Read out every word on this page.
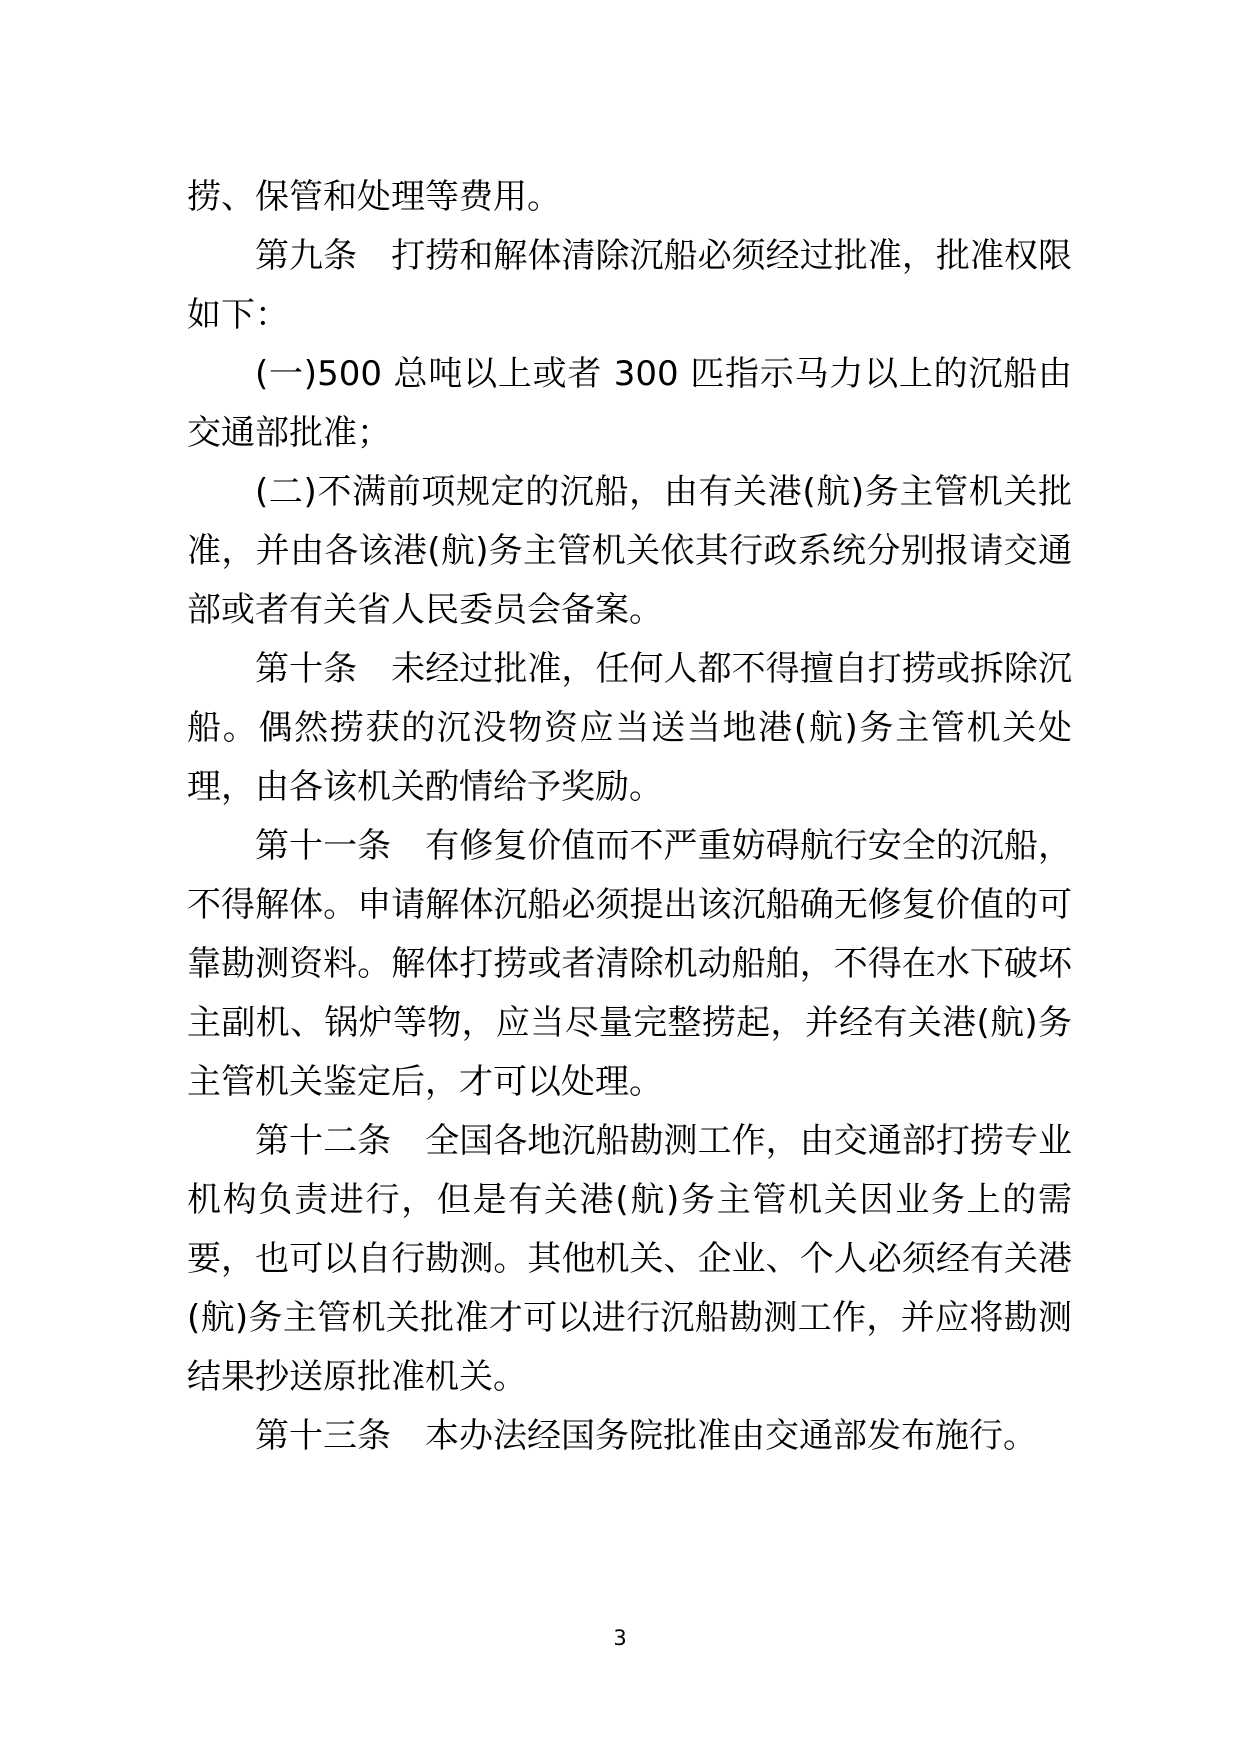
捞、保管和处理等费用。

第九条 打捞和解体清除沉船必须经过批准，批准权限如下：

(一)500 总吨以上或者 300 匹指示马力以上的沉船由交通部批准；

(二)不满前项规定的沉船，由有关港(航)务主管机关批准，并由各该港(航)务主管机关依其行政系统分别报请交通部或者有关省人民委员会备案。

第十条 未经过批准，任何人都不得擅自打捞或拆除沉船。偶然捞获的沉没物资应当送当地港(航)务主管机关处理，由各该机关酌情给予奖励。

第十一条 有修复价值而不严重妨碍航行安全的沉船，不得解体。申请解体沉船必须提出该沉船确无修复价值的可靠勘测资料。解体打捞或者清除机动船舶，不得在水下破坏主副机、锅炉等物，应当尽量完整捞起，并经有关港(航)务主管机关鉴定后，才可以处理。

第十二条 全国各地沉船勘测工作，由交通部打捞专业机构负责进行，但是有关港(航)务主管机关因业务上的需要，也可以自行勘测。其他机关、企业、个人必须经有关港(航)务主管机关批准才可以进行沉船勘测工作，并应将勘测结果抄送原批准机关。

第十三条 本办法经国务院批准由交通部发布施行。

3
